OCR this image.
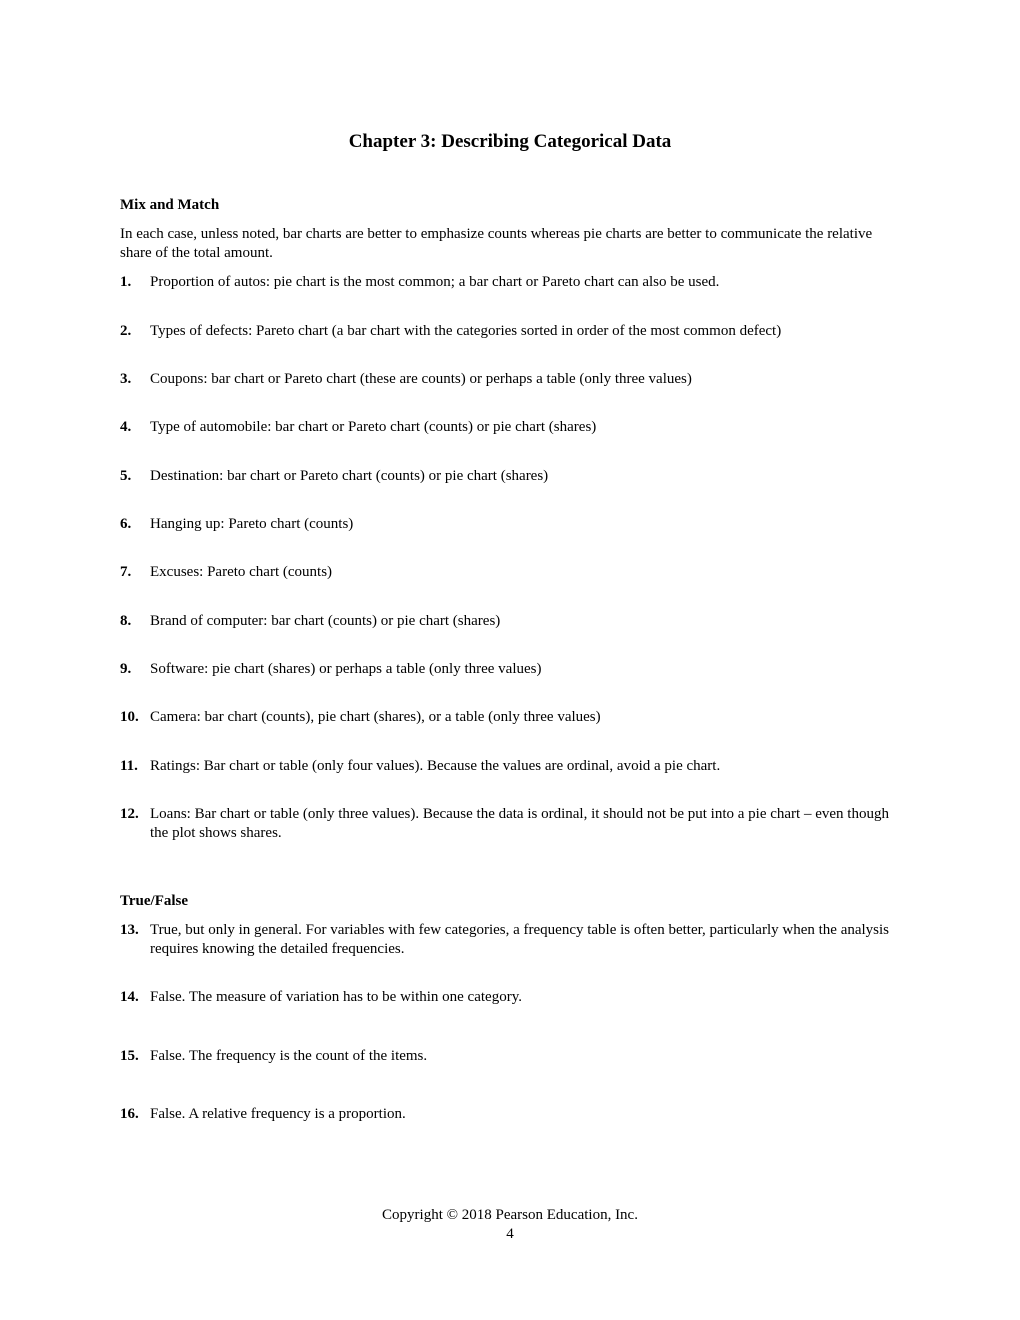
Chapter 3: Describing Categorical Data
Mix and Match
In each case, unless noted, bar charts are better to emphasize counts whereas pie charts are better to communicate the relative share of the total amount.
1. Proportion of autos: pie chart is the most common; a bar chart or Pareto chart can also be used.
2. Types of defects: Pareto chart (a bar chart with the categories sorted in order of the most common defect)
3. Coupons: bar chart or Pareto chart (these are counts) or perhaps a table (only three values)
4. Type of automobile: bar chart or Pareto chart (counts) or pie chart (shares)
5. Destination: bar chart or Pareto chart (counts) or pie chart (shares)
6. Hanging up: Pareto chart (counts)
7. Excuses: Pareto chart (counts)
8. Brand of computer: bar chart (counts) or pie chart (shares)
9. Software: pie chart (shares) or perhaps a table (only three values)
10. Camera: bar chart (counts), pie chart (shares), or a table (only three values)
11. Ratings: Bar chart or table (only four values). Because the values are ordinal, avoid a pie chart.
12. Loans: Bar chart or table (only three values). Because the data is ordinal, it should not be put into a pie chart – even though the plot shows shares.
True/False
13. True, but only in general. For variables with few categories, a frequency table is often better, particularly when the analysis requires knowing the detailed frequencies.
14. False. The measure of variation has to be within one category.
15. False. The frequency is the count of the items.
16. False. A relative frequency is a proportion.
Copyright © 2018 Pearson Education, Inc.
4
